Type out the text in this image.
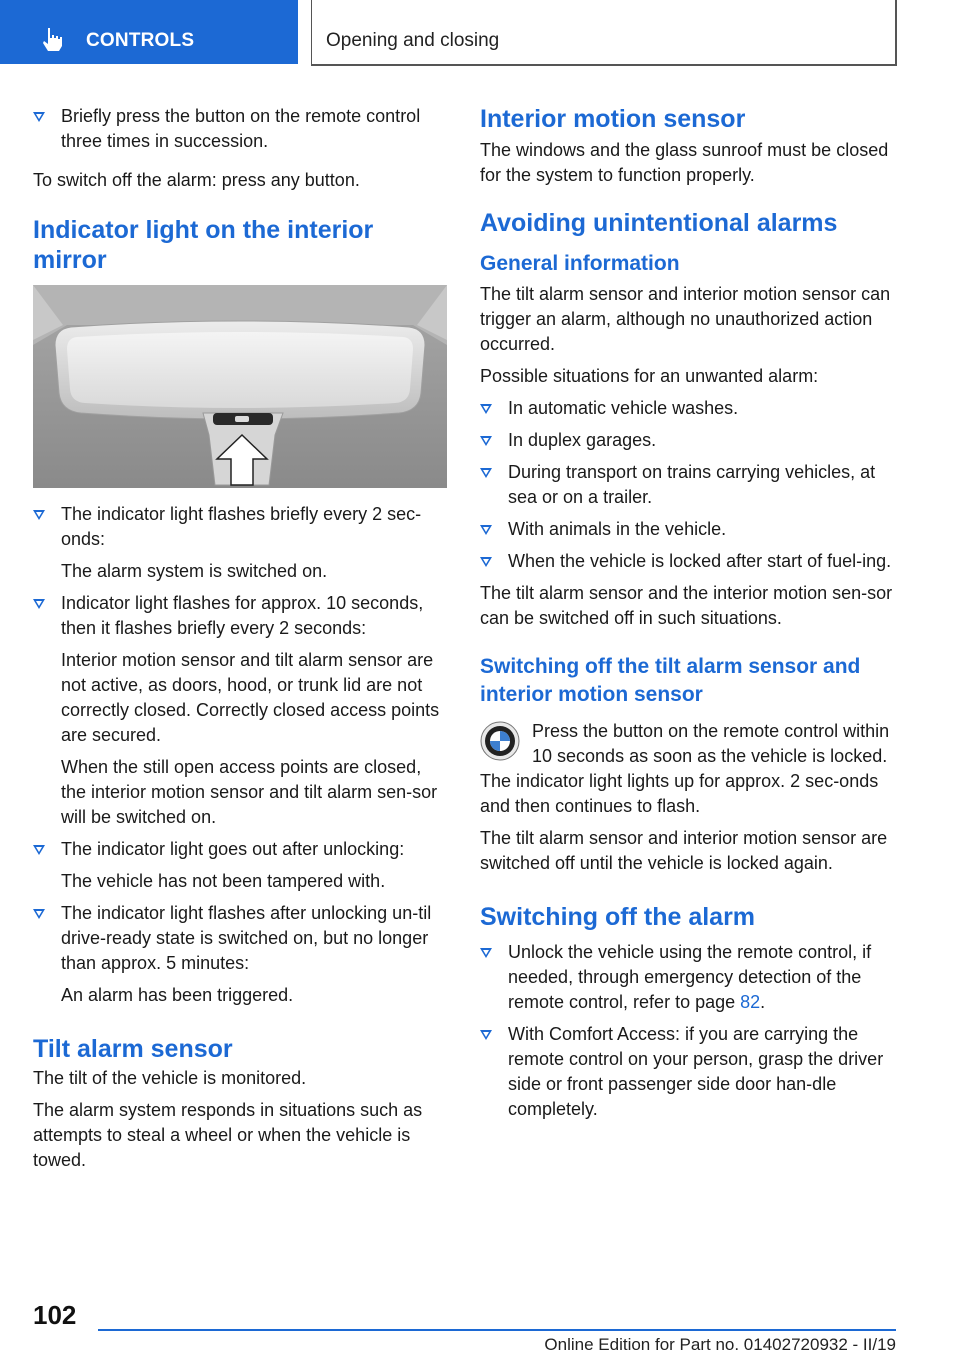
CONTROLS	Opening and closing
Briefly press the button on the remote control three times in succession.

To switch off the alarm: press any button.

Indicator light on the interior mirror
The indicator light flashes briefly every 2 sec‐onds:
The alarm system is switched on.
Indicator light flashes for approx. 10 seconds, then it flashes briefly every 2 seconds:
Interior motion sensor and tilt alarm sensor are not active, as doors, hood, or trunk lid are not correctly closed. Correctly closed access points are secured.
When the still open access points are closed, the interior motion sensor and tilt alarm sen‐sor will be switched on.
The indicator light goes out after unlocking:
The vehicle has not been tampered with.
The indicator light flashes after unlocking un‐til drive-ready state is switched on, but no longer than approx. 5 minutes:
An alarm has been triggered.
Tilt alarm sensor

The tilt of the vehicle is monitored.

The alarm system responds in situations such as attempts to steal a wheel or when the vehicle is towed.

Interior motion sensor

The windows and the glass sunroof must be closed for the system to function properly.

Avoiding unintentional alarms
General information

The tilt alarm sensor and interior motion sensor can trigger an alarm, although no unauthorized action occurred.

Possible situations for an unwanted alarm:

In automatic vehicle washes.
In duplex garages.
During transport on trains carrying vehicles, at sea or on a trailer.
With animals in the vehicle.
When the vehicle is locked after start of fuel‐ing.

The tilt alarm sensor and the interior motion sen‐sor can be switched off in such situations.

Switching off the tilt alarm sensor and interior motion sensor
Press the button on the remote control within 10 seconds as soon as the vehicle is locked.

The indicator light lights up for approx. 2 sec‐onds and then continues to flash.

The tilt alarm sensor and interior motion sensor are switched off until the vehicle is locked again.

Switching off the alarm
Unlock the vehicle using the remote control, if needed, through emergency detection of the remote control, refer to page 82.
With Comfort Access: if you are carrying the remote control on your person, grasp the driver side or front passenger side door han‐dle completely.
102
Online Edition for Part no. 01402720932 - II/19
